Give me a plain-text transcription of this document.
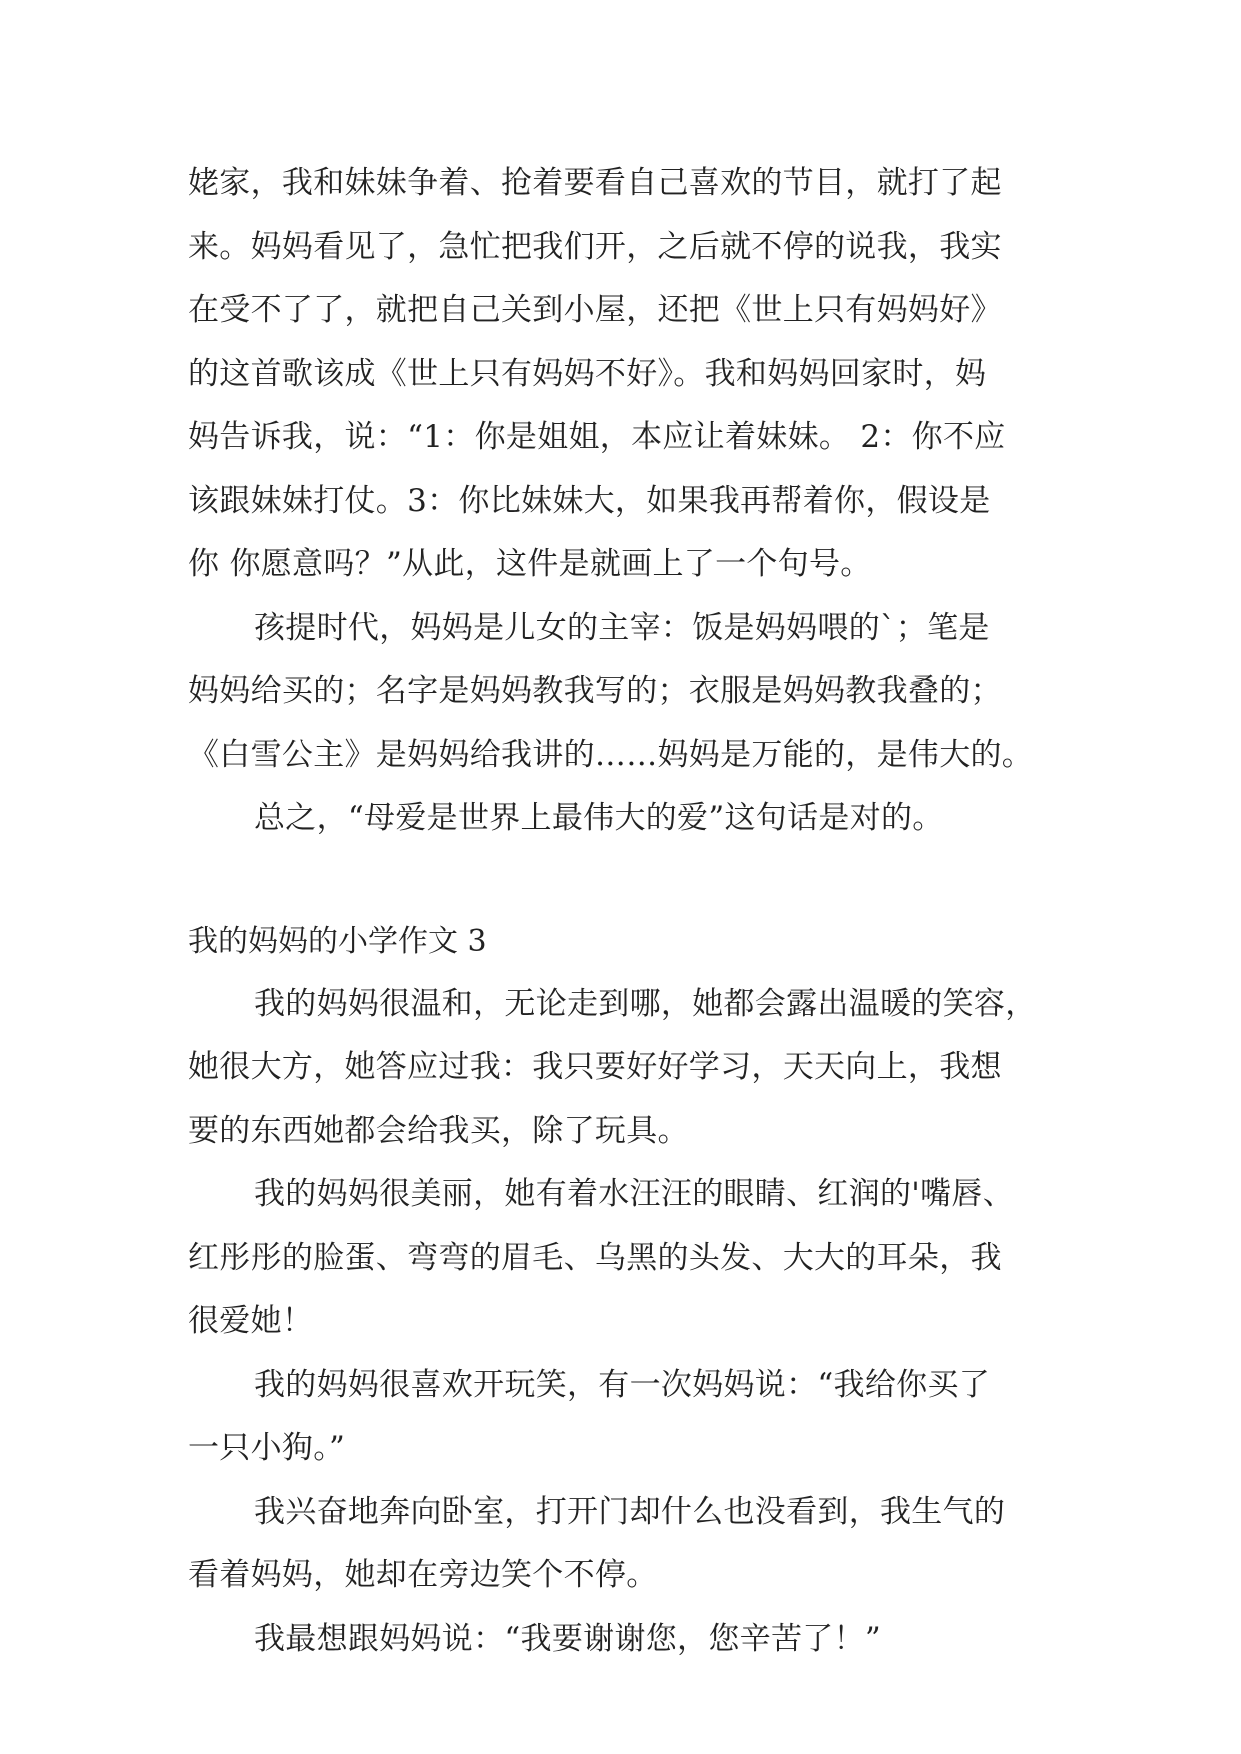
姥家，我和妹妹争着、抢着要看自己喜欢的节目，就打了起
来。妈妈看见了，急忙把我们开，之后就不停的说我，我实
在受不了了，就把自己关到小屋，还把《世上只有妈妈好》
的这首歌该成《世上只有妈妈不好》。我和妈妈回家时，妈
妈告诉我，说：“1：你是姐姐，本应让着妹妹。 2：你不应
该跟妹妹打仗。3：你比妹妹大，如果我再帮着你，假设是
你 你愿意吗？”从此，这件是就画上了一个句号。

孩提时代，妈妈是儿女的主宰：饭是妈妈喂的`；笔是
妈妈给买的；名字是妈妈教我写的；衣服是妈妈教我叠的；
《白雪公主》是妈妈给我讲的……妈妈是万能的，是伟大的。

总之，“母爱是世界上最伟大的爱”这句话是对的。

我的妈妈的小学作文 3

我的妈妈很温和，无论走到哪，她都会露出温暖的笑容，
她很大方，她答应过我：我只要好好学习，天天向上，我想
要的东西她都会给我买，除了玩具。

我的妈妈很美丽，她有着水汪汪的眼睛、红润的'嘴唇、
红彤彤的脸蛋、弯弯的眉毛、乌黑的头发、大大的耳朵，我
很爱她！

我的妈妈很喜欢开玩笑，有一次妈妈说：“我给你买了
一只小狗。”

我兴奋地奔向卧室，打开门却什么也没看到，我生气的
看着妈妈，她却在旁边笑个不停。

我最想跟妈妈说：“我要谢谢您，您辛苦了！”
